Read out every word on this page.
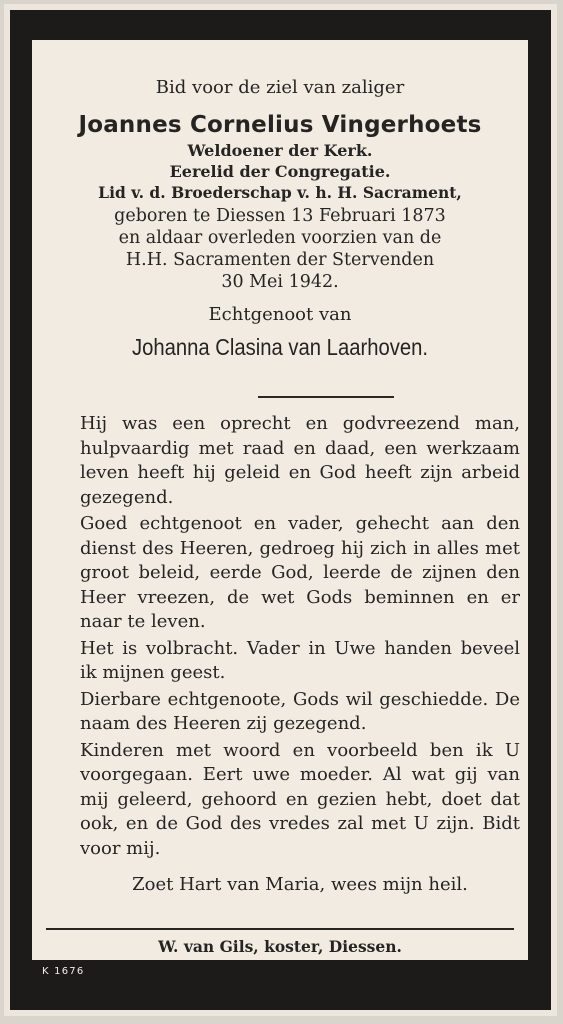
Bid voor de ziel van zaliger

Joannes Cornelius Vingerhoets

Weldoener der Kerk.

Eerelid der Congregatie.

Lid v. d. Broederschap v. h. H. Sacrament,

geboren te Diessen 13 Februari 1873

en aldaar overleden voorzien van de

H.H. Sacramenten der Stervenden

30 Mei 1942.

Echtgenoot van

Johanna Clasina van Laarhoven.

Hij was een oprecht en godvreezend man, hulpvaardig met raad en daad, een werkzaam leven heeft hij geleid en God heeft zijn arbeid gezegend.

Goed echtgenoot en vader, gehecht aan den dienst des Heeren, gedroeg hij zich in alles met groot beleid, eerde God, leerde de zijnen den Heer vreezen, de wet Gods beminnen en er naar te leven.

Het is volbracht. Vader in Uwe handen beveel ik mijnen geest.

Dierbare echtgenoote, Gods wil geschiedde. De naam des Heeren zij gezegend.

Kinderen met woord en voorbeeld ben ik U voorgegaan. Eert uwe moeder. Al wat gij van mij geleerd, gehoord en gezien hebt, doet dat ook, en de God des vredes zal met U zijn. Bidt voor mij.

Zoet Hart van Maria, wees mijn heil.

W. van Gils, koster, Diessen.
K 1676
